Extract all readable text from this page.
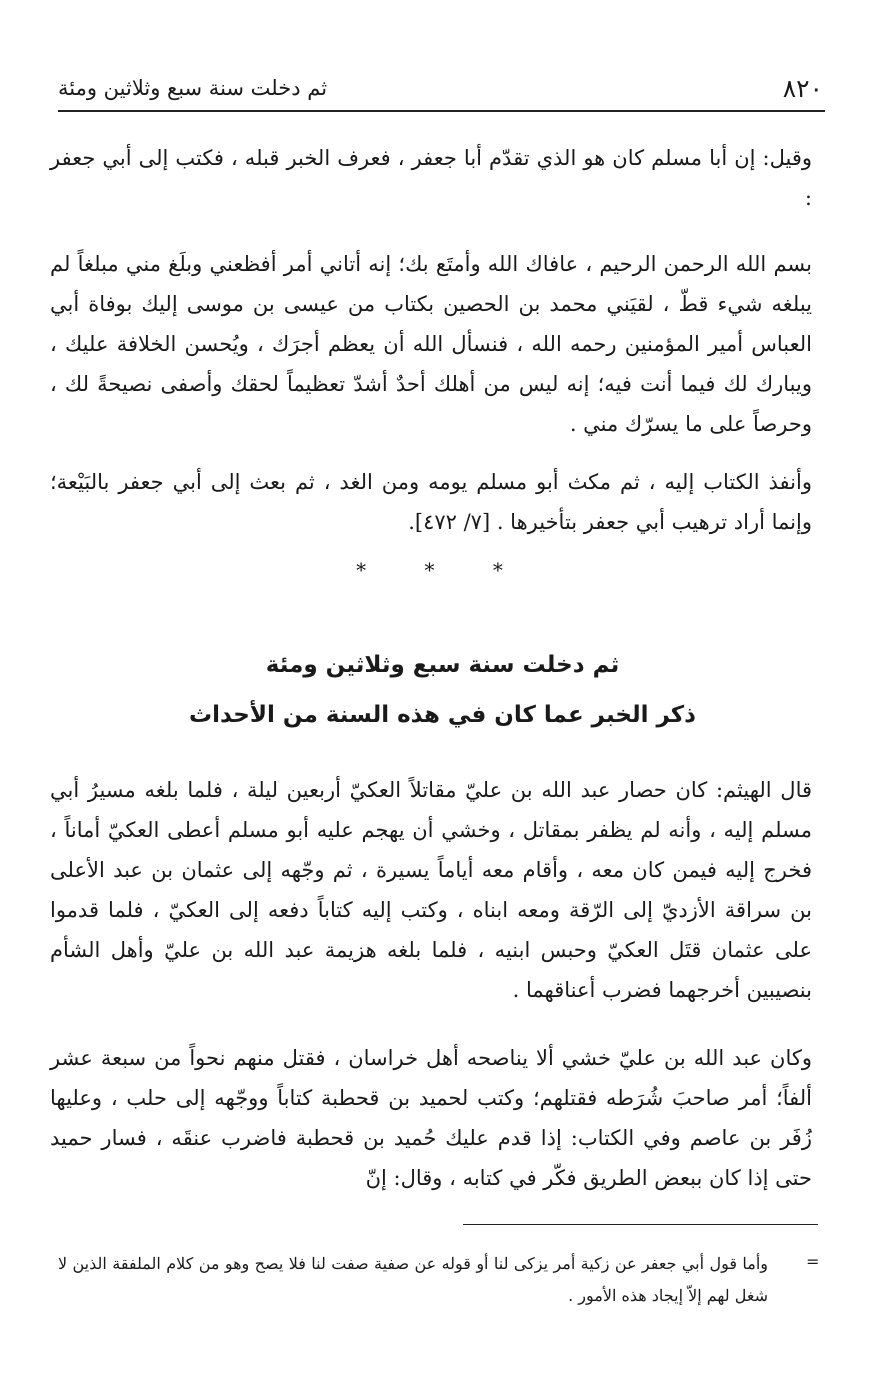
٨٢٠
ثم دخلت سنة سبع وثلاثين ومئة

وقيل: إن أبا مسلم كان هو الذي تقدّم أبا جعفر ، فعرف الخبر قبله ، فكتب إلى أبي جعفر :

بسم الله الرحمن الرحيم ، عافاك الله وأمتَع بك؛ إنه أتاني أمر أفظعني وبلَغ مني مبلغاً لم يبلغه شيء قطّ ، لقيَني محمد بن الحصين بكتاب من عيسى بن موسى إليك بوفاة أبي العباس أمير المؤمنين رحمه الله ، فنسأل الله أن يعظم أجرَك ، ويُحسن الخلافة عليك ، ويبارك لك فيما أنت فيه؛ إنه ليس من أهلك أحدٌ أشدّ تعظيماً لحقك وأصفى نصيحةً لك ، وحرصاً على ما يسرّك مني .

وأنفذ الكتاب إليه ، ثم مكث أبو مسلم يومه ومن الغد ، ثم بعث إلى أبي جعفر بالبَيْعة؛ وإنما أراد ترهيب أبي جعفر بتأخيرها . [٧/ ٤٧٢].

* * *
ثم دخلت سنة سبع وثلاثين ومئة
ذكر الخبر عما كان في هذه السنة من الأحداث

قال الهيثم: كان حصار عبد الله بن عليّ مقاتلاً العكيّ أربعين ليلة ، فلما بلغه مسيرُ أبي مسلم إليه ، وأنه لم يظفر بمقاتل ، وخشي أن يهجم عليه أبو مسلم أعطى العكيّ أماناً ، فخرج إليه فيمن كان معه ، وأقام معه أياماً يسيرة ، ثم وجّهه إلى عثمان بن عبد الأعلى بن سراقة الأزديّ إلى الرّقة ومعه ابناه ، وكتب إليه كتاباً دفعه إلى العكيّ ، فلما قدموا على عثمان قتَل العكيّ وحبس ابنيه ، فلما بلغه هزيمة عبد الله بن عليّ وأهل الشأم بنصيبين أخرجهما فضرب أعناقهما .

وكان عبد الله بن عليّ خشي ألا يناصحه أهل خراسان ، فقتل منهم نحواً من سبعة عشر ألفاً؛ أمر صاحبَ شُرَطه فقتلهم؛ وكتب لحميد بن قحطبة كتاباً ووجّهه إلى حلب ، وعليها زُفَر بن عاصم وفي الكتاب: إذا قدم عليك حُميد بن قحطبة فاضرب عنقَه ، فسار حميد حتى إذا كان ببعض الطريق فكّر في كتابه ، وقال: إنّ

=

وأما قول أبي جعفر عن زكية أمر يزكى لنا أو قوله عن صفية صفت لنا فلا يصح وهو من كلام الملفقة الذين لا شغل لهم إلاّ إيجاد هذه الأمور .
